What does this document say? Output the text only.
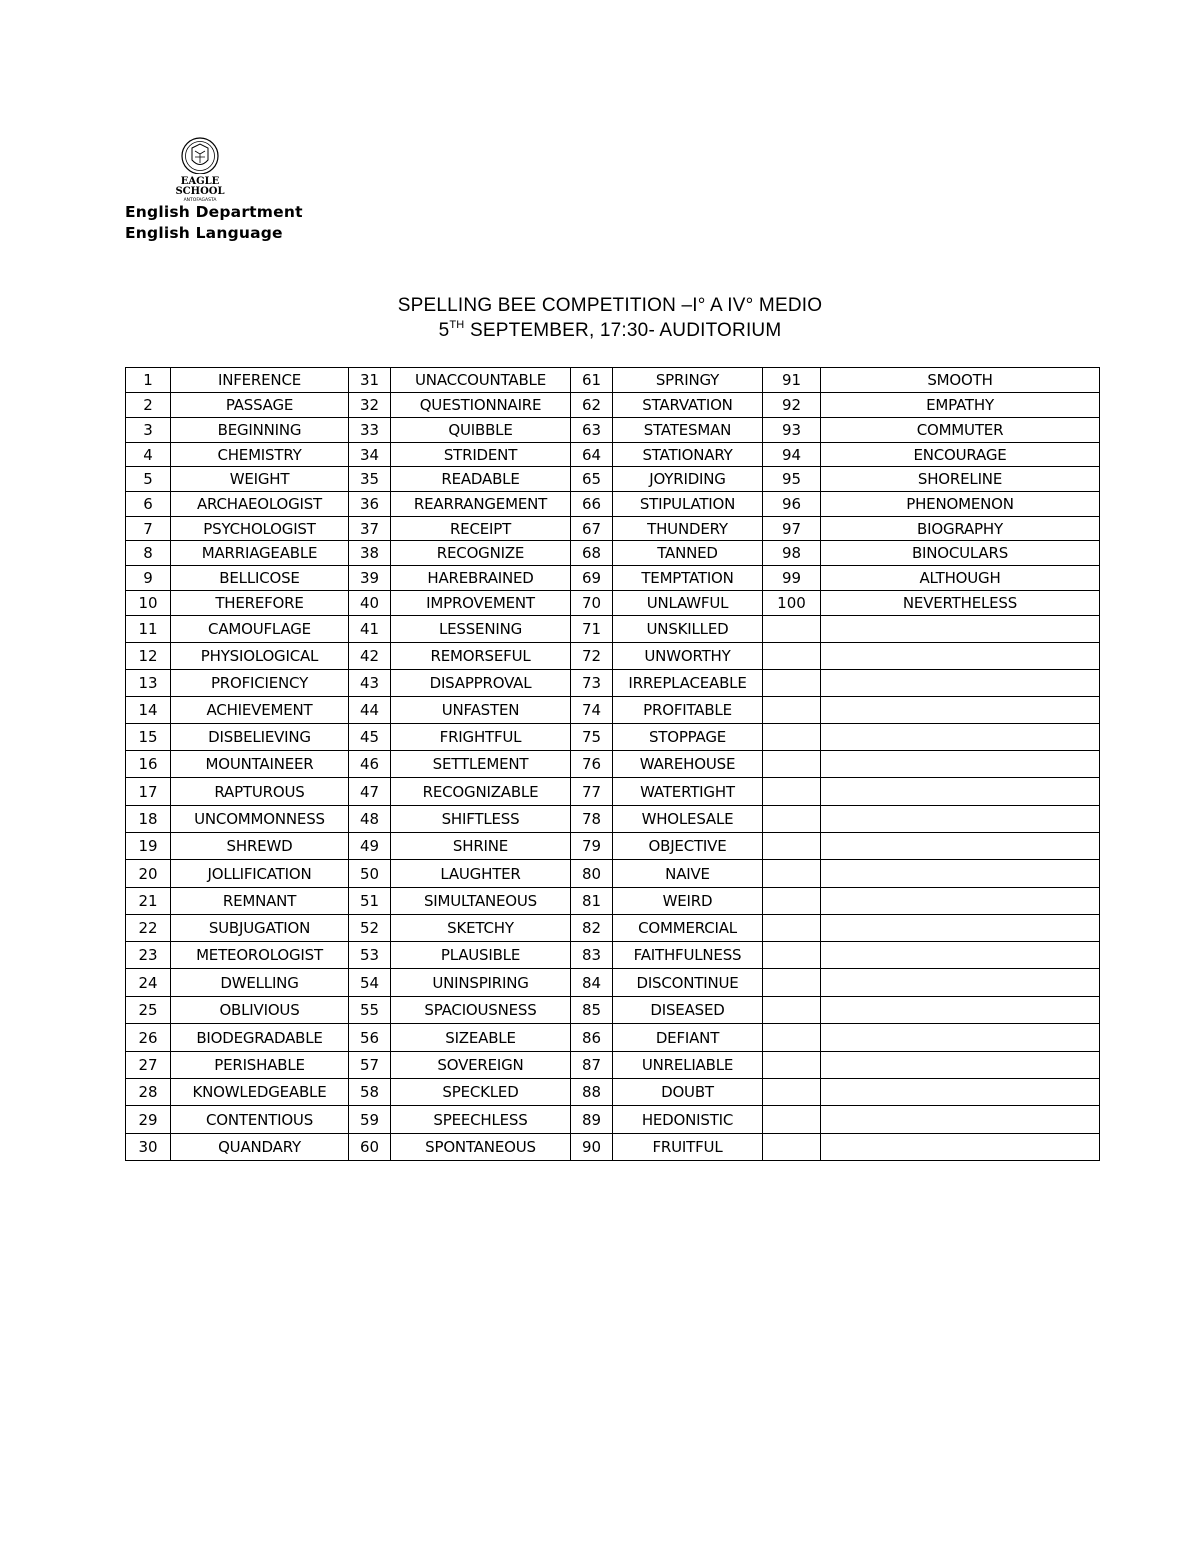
EAGLE
SCHOOL
ANTOFAGASTA
English Department
English Language
SPELLING BEE COMPETITION –I° A IV° MEDIO
5TH SEPTEMBER, 17:30- AUDITORIUM
1	INFERENCE	31	UNACCOUNTABLE	61	SPRINGY	91	SMOOTH
2	PASSAGE	32	QUESTIONNAIRE	62	STARVATION	92	EMPATHY
3	BEGINNING	33	QUIBBLE	63	STATESMAN	93	COMMUTER
4	CHEMISTRY	34	STRIDENT	64	STATIONARY	94	ENCOURAGE
5	WEIGHT	35	READABLE	65	JOYRIDING	95	SHORELINE
6	ARCHAEOLOGIST	36	REARRANGEMENT	66	STIPULATION	96	PHENOMENON
7	PSYCHOLOGIST	37	RECEIPT	67	THUNDERY	97	BIOGRAPHY
8	MARRIAGEABLE	38	RECOGNIZE	68	TANNED	98	BINOCULARS
9	BELLICOSE	39	HAREBRAINED	69	TEMPTATION	99	ALTHOUGH
10	THEREFORE	40	IMPROVEMENT	70	UNLAWFUL	100	NEVERTHELESS
11	CAMOUFLAGE	41	LESSENING	71	UNSKILLED		
12	PHYSIOLOGICAL	42	REMORSEFUL	72	UNWORTHY		
13	PROFICIENCY	43	DISAPPROVAL	73	IRREPLACEABLE		
14	ACHIEVEMENT	44	UNFASTEN	74	PROFITABLE		
15	DISBELIEVING	45	FRIGHTFUL	75	STOPPAGE		
16	MOUNTAINEER	46	SETTLEMENT	76	WAREHOUSE		
17	RAPTUROUS	47	RECOGNIZABLE	77	WATERTIGHT		
18	UNCOMMONNESS	48	SHIFTLESS	78	WHOLESALE		
19	SHREWD	49	SHRINE	79	OBJECTIVE		
20	JOLLIFICATION	50	LAUGHTER	80	NAIVE		
21	REMNANT	51	SIMULTANEOUS	81	WEIRD		
22	SUBJUGATION	52	SKETCHY	82	COMMERCIAL		
23	METEOROLOGIST	53	PLAUSIBLE	83	FAITHFULNESS		
24	DWELLING	54	UNINSPIRING	84	DISCONTINUE		
25	OBLIVIOUS	55	SPACIOUSNESS	85	DISEASED		
26	BIODEGRADABLE	56	SIZEABLE	86	DEFIANT		
27	PERISHABLE	57	SOVEREIGN	87	UNRELIABLE		
28	KNOWLEDGEABLE	58	SPECKLED	88	DOUBT		
29	CONTENTIOUS	59	SPEECHLESS	89	HEDONISTIC		
30	QUANDARY	60	SPONTANEOUS	90	FRUITFUL		
